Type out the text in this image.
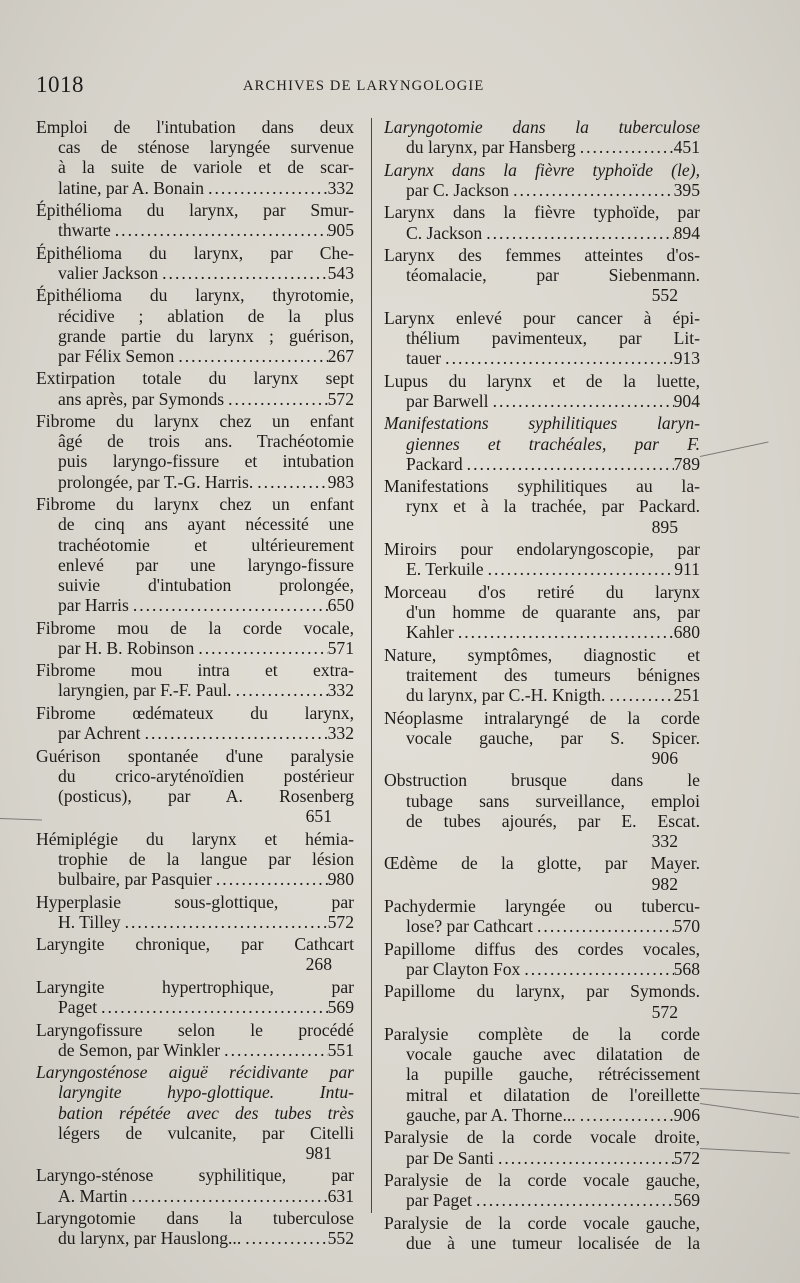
1018	ARCHIVES DE LARYNGOLOGIE
Emploi de l'intubation dans deux
cas de sténose laryngée survenue
à la suite de variole et de scar-
latine, par A. Bonain .....	332
Épithélioma du larynx, par Smur-
thwarte .....	905
Épithélioma du larynx, par Che-
valier Jackson .....	543
Épithélioma du larynx, thyrotomie,
récidive ; ablation de la plus
grande partie du larynx ; guérison,
par Félix Semon .....	267
Extirpation totale du larynx sept
ans après, par Symonds .....	572
Fibrome du larynx chez un enfant
âgé de trois ans. Trachéotomie
puis laryngo-fissure et intubation
prolongée, par T.-G. Harris. .....	983
Fibrome du larynx chez un enfant
de cinq ans ayant nécessité une
trachéotomie et ultérieurement
enlevé par une laryngo-fissure
suivie d'intubation prolongée,
par Harris .....	650
Fibrome mou de la corde vocale,
par H. B. Robinson .....	571
Fibrome mou intra et extra-
laryngien, par F.-F. Paul. .....	332
Fibrome œdémateux du larynx,
par Achrent .....	332
Guérison spontanée d'une paralysie
du crico-aryténoïdien postérieur
(posticus), par A. Rosenberg
651
Hémiplégie du larynx et hémia-
trophie de la langue par lésion
bulbaire, par Pasquier .....	980
Hyperplasie sous-glottique, par
H. Tilley .....	572
Laryngite chronique, par Cathcart
268
Laryngite hypertrophique, par
Paget .....	569
Laryngofissure selon le procédé
de Semon, par Winkler .....	551
Laryngosténose aiguë récidivante par
laryngite hypo-glottique. Intu-
bation répétée avec des tubes très
légers de vulcanite, par Citelli
981
Laryngo-sténose syphilitique, par
A. Martin .....	631
Laryngotomie dans la tuberculose
du larynx, par Hauslong... .....	552
Laryngotomie dans la tuberculose
du larynx, par Hansberg .....	451
Larynx dans la fièvre typhoïde (le),
par C. Jackson .....	395
Larynx dans la fièvre typhoïde, par
C. Jackson .....	894
Larynx des femmes atteintes d'os-
téomalacie, par Siebenmann.
552
Larynx enlevé pour cancer à épi-
thélium pavimenteux, par Lit-
tauer .....	913
Lupus du larynx et de la luette,
par Barwell .....	904
Manifestations syphilitiques laryn-
giennes et trachéales, par F.
Packard .....	789
Manifestations syphilitiques au la-
rynx et à la trachée, par Packard.
895
Miroirs pour endolaryngoscopie, par
E. Terkuile .....	911
Morceau d'os retiré du larynx
d'un homme de quarante ans, par
Kahler .....	680
Nature, symptômes, diagnostic et
traitement des tumeurs bénignes
du larynx, par C.-H. Knigth. .....	251
Néoplasme intralaryngé de la corde
vocale gauche, par S. Spicer.
906
Obstruction brusque dans le
tubage sans surveillance, emploi
de tubes ajourés, par E. Escat.
332
Œdème de la glotte, par Mayer.
982
Pachydermie laryngée ou tubercu-
lose? par Cathcart .....	570
Papillome diffus des cordes vocales,
par Clayton Fox .....	568
Papillome du larynx, par Symonds.
572
Paralysie complète de la corde
vocale gauche avec dilatation de
la pupille gauche, rétrécissement
mitral et dilatation de l'oreillette
gauche, par A. Thorne... .....	906
Paralysie de la corde vocale droite,
par De Santi .....	572
Paralysie de la corde vocale gauche,
par Paget .....	569
Paralysie de la corde vocale gauche,
due à une tumeur localisée de la
